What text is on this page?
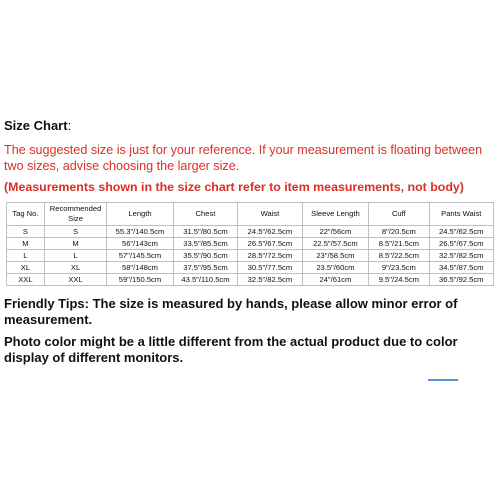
Size Chart:
The suggested size is just for your reference. If your measurement is floating between two sizes, advise choosing the larger size.
(Measurements shown in the size chart refer to item measurements, not body)
Tag No.	Recommended Size	Length	Chest	Waist	Sleeve Length	Cuff	Pants Waist
S	S	55.3"/140.5cm	31.5"/80.5cm	24.5"/62.5cm	22"/56cm	8"/20.5cm	24.5"/62.5cm
M	M	56"/143cm	33.5"/85.5cm	26.5"/67.5cm	22.5"/57.5cm	8.5"/21.5cm	26.5"/67.5cm
L	L	57"/145.5cm	35.5"/90.5cm	28.5"/72.5cm	23"/58.5cm	8.5"/22.5cm	32.5"/82.5cm
XL	XL	58"/148cm	37.5"/95.5cm	30.5"/77.5cm	23.5"/60cm	9"/23.5cm	34.5"/87.5cm
XXL	XXL	59"/150.5cm	43.5"/110.5cm	32.5"/82.5cm	24"/61cm	9.5"/24.5cm	36.5"/92.5cm
Friendly Tips: The size is measured by hands, please allow minor error of measurement.
Photo color might be a little different from the actual product due to color display of different monitors.
